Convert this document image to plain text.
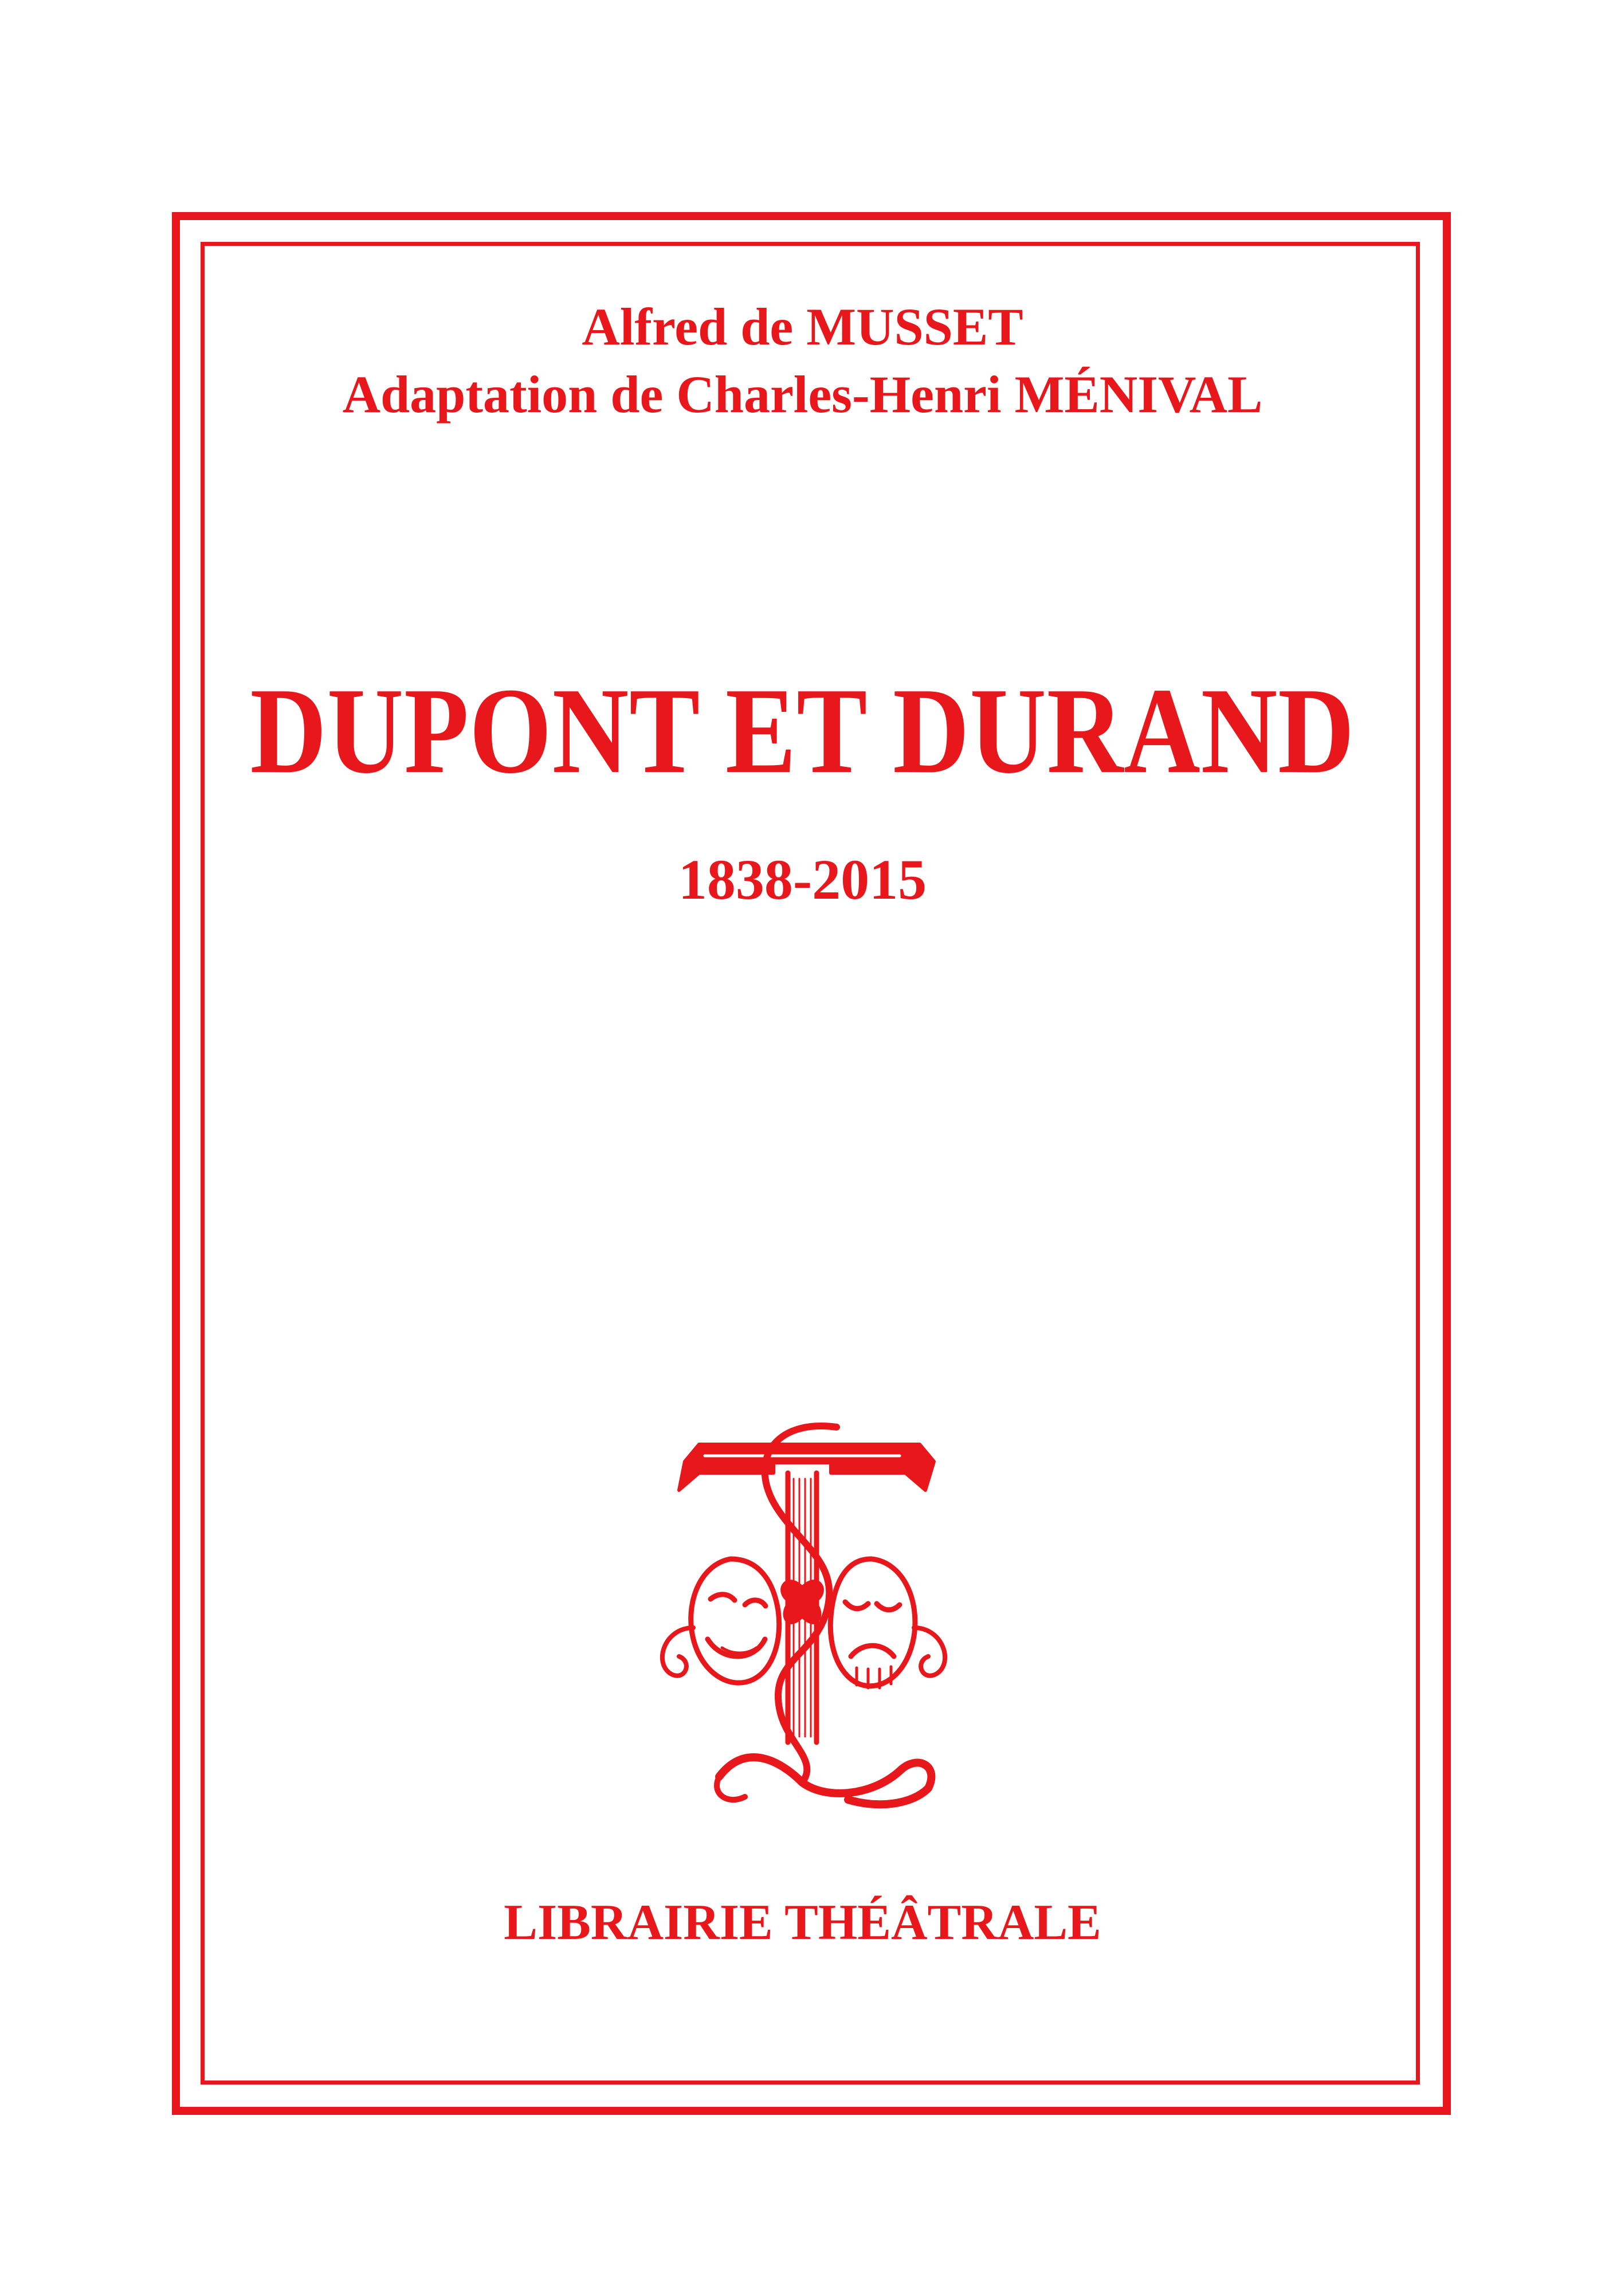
Alfred de MUSSET
Adaptation de Charles-Henri MÉNIVAL
DUPONT ET DURAND
1838-2015
LIBRAIRIE THÉÂTRALE
